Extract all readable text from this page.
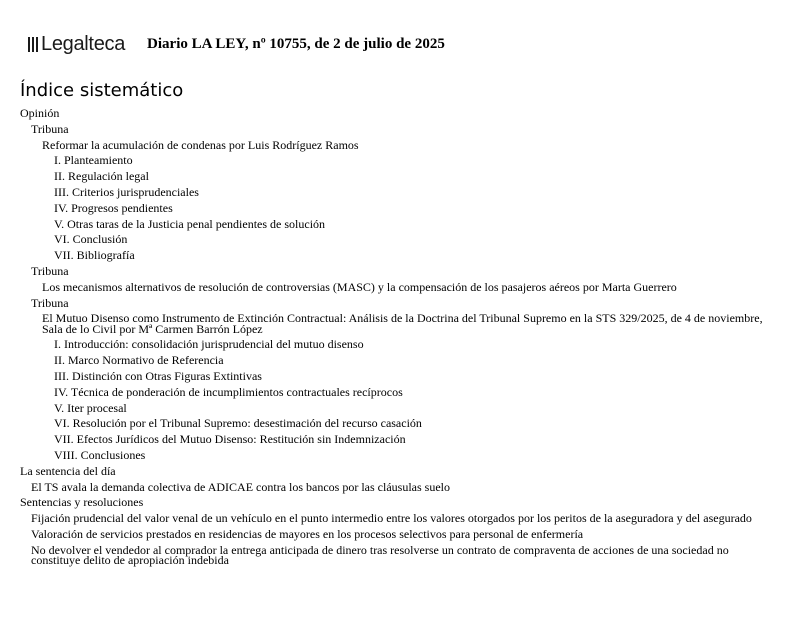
Legalteca Diario LA LEY, nº 10755, de 2 de julio de 2025
Índice sistemático
Opinión
Tribuna
Reformar la acumulación de condenas por Luis Rodríguez Ramos
I. Planteamiento
II. Regulación legal
III. Criterios jurisprudenciales
IV. Progresos pendientes
V. Otras taras de la Justicia penal pendientes de solución
VI. Conclusión
VII. Bibliografía
Tribuna
Los mecanismos alternativos de resolución de controversias (MASC) y la compensación de los pasajeros aéreos por Marta Guerrero
Tribuna
El Mutuo Disenso como Instrumento de Extinción Contractual: Análisis de la Doctrina del Tribunal Supremo en la STS 329/2025, de 4 de noviembre, Sala de lo Civil por Mª Carmen Barrón López
I. Introducción: consolidación jurisprudencial del mutuo disenso
II. Marco Normativo de Referencia
III. Distinción con Otras Figuras Extintivas
IV. Técnica de ponderación de incumplimientos contractuales recíprocos
V. Iter procesal
VI. Resolución por el Tribunal Supremo: desestimación del recurso casación
VII. Efectos Jurídicos del Mutuo Disenso: Restitución sin Indemnización
VIII. Conclusiones
La sentencia del día
El TS avala la demanda colectiva de ADICAE contra los bancos por las cláusulas suelo
Sentencias y resoluciones
Fijación prudencial del valor venal de un vehículo en el punto intermedio entre los valores otorgados por los peritos de la aseguradora y del asegurado
Valoración de servicios prestados en residencias de mayores en los procesos selectivos para personal de enfermería
No devolver el vendedor al comprador la entrega anticipada de dinero tras resolverse un contrato de compraventa de acciones de una sociedad no constituye delito de apropiación indebida
